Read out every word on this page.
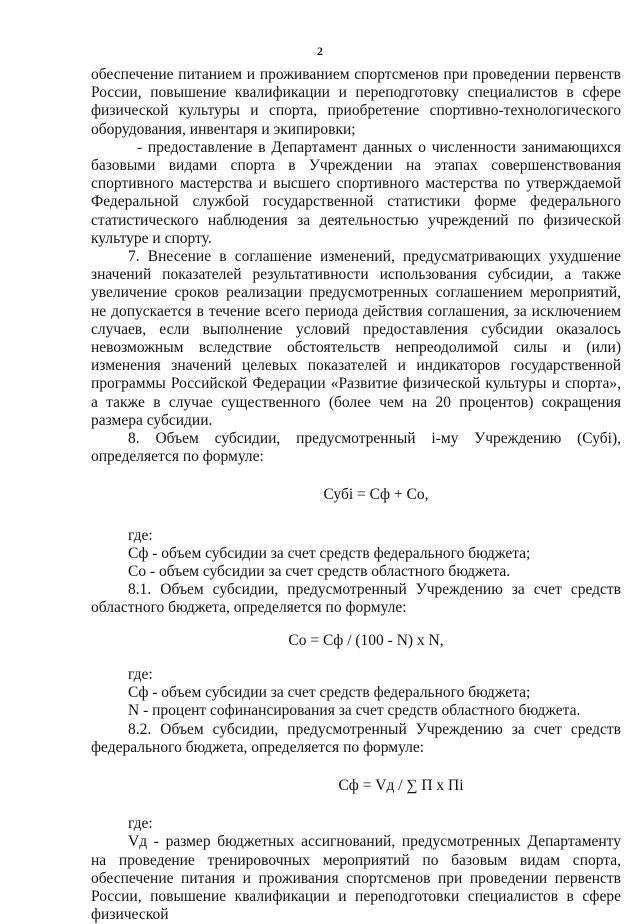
2

обеспечение питанием и проживанием спортсменов при проведении первенств России, повышение квалификации и переподготовку специалистов в сфере физической культуры и спорта, приобретение спортивно-технологического оборудования, инвентаря и экипировки;

- предоставление в Департамент данных о численности занимающихся базовыми видами спорта в Учреждении на этапах совершенствования спортивного мастерства и высшего спортивного мастерства по утверждаемой Федеральной службой государственной статистики форме федерального статистического наблюдения за деятельностью учреждений по физической культуре и спорту.

7. Внесение в соглашение изменений, предусматривающих ухудшение значений показателей результативности использования субсидии, а также увеличение сроков реализации предусмотренных соглашением мероприятий, не допускается в течение всего периода действия соглашения, за исключением случаев, если выполнение условий предоставления субсидии оказалось невозможным вследствие обстоятельств непреодолимой силы и (или) изменения значений целевых показателей и индикаторов государственной программы Российской Федерации «Развитие физической культуры и спорта», а также в случае существенного (более чем на 20 процентов) сокращения размера субсидии.

8. Объем субсидии, предусмотренный i-му Учреждению (Субi), определяется по формуле:

Субi = Сф + Со,

где:

Сф - объем субсидии за счет средств федерального бюджета;

Со - объем субсидии за счет средств областного бюджета.

8.1. Объем субсидии, предусмотренный Учреждению за счет средств областного бюджета, определяется по формуле:

Со = Сф / (100 - N) x N,

где:

Сф - объем субсидии за счет средств федерального бюджета;

N - процент софинансирования за счет средств областного бюджета.

8.2. Объем субсидии, предусмотренный Учреждению за счет средств федерального бюджета, определяется по формуле:

Сф = Vд / ∑ П x Пi

где:

Vд - размер бюджетных ассигнований, предусмотренных Департаменту на проведение тренировочных мероприятий по базовым видам спорта, обеспечение питания и проживания спортсменов при проведении первенств России, повышение квалификации и переподготовки специалистов в сфере физической
